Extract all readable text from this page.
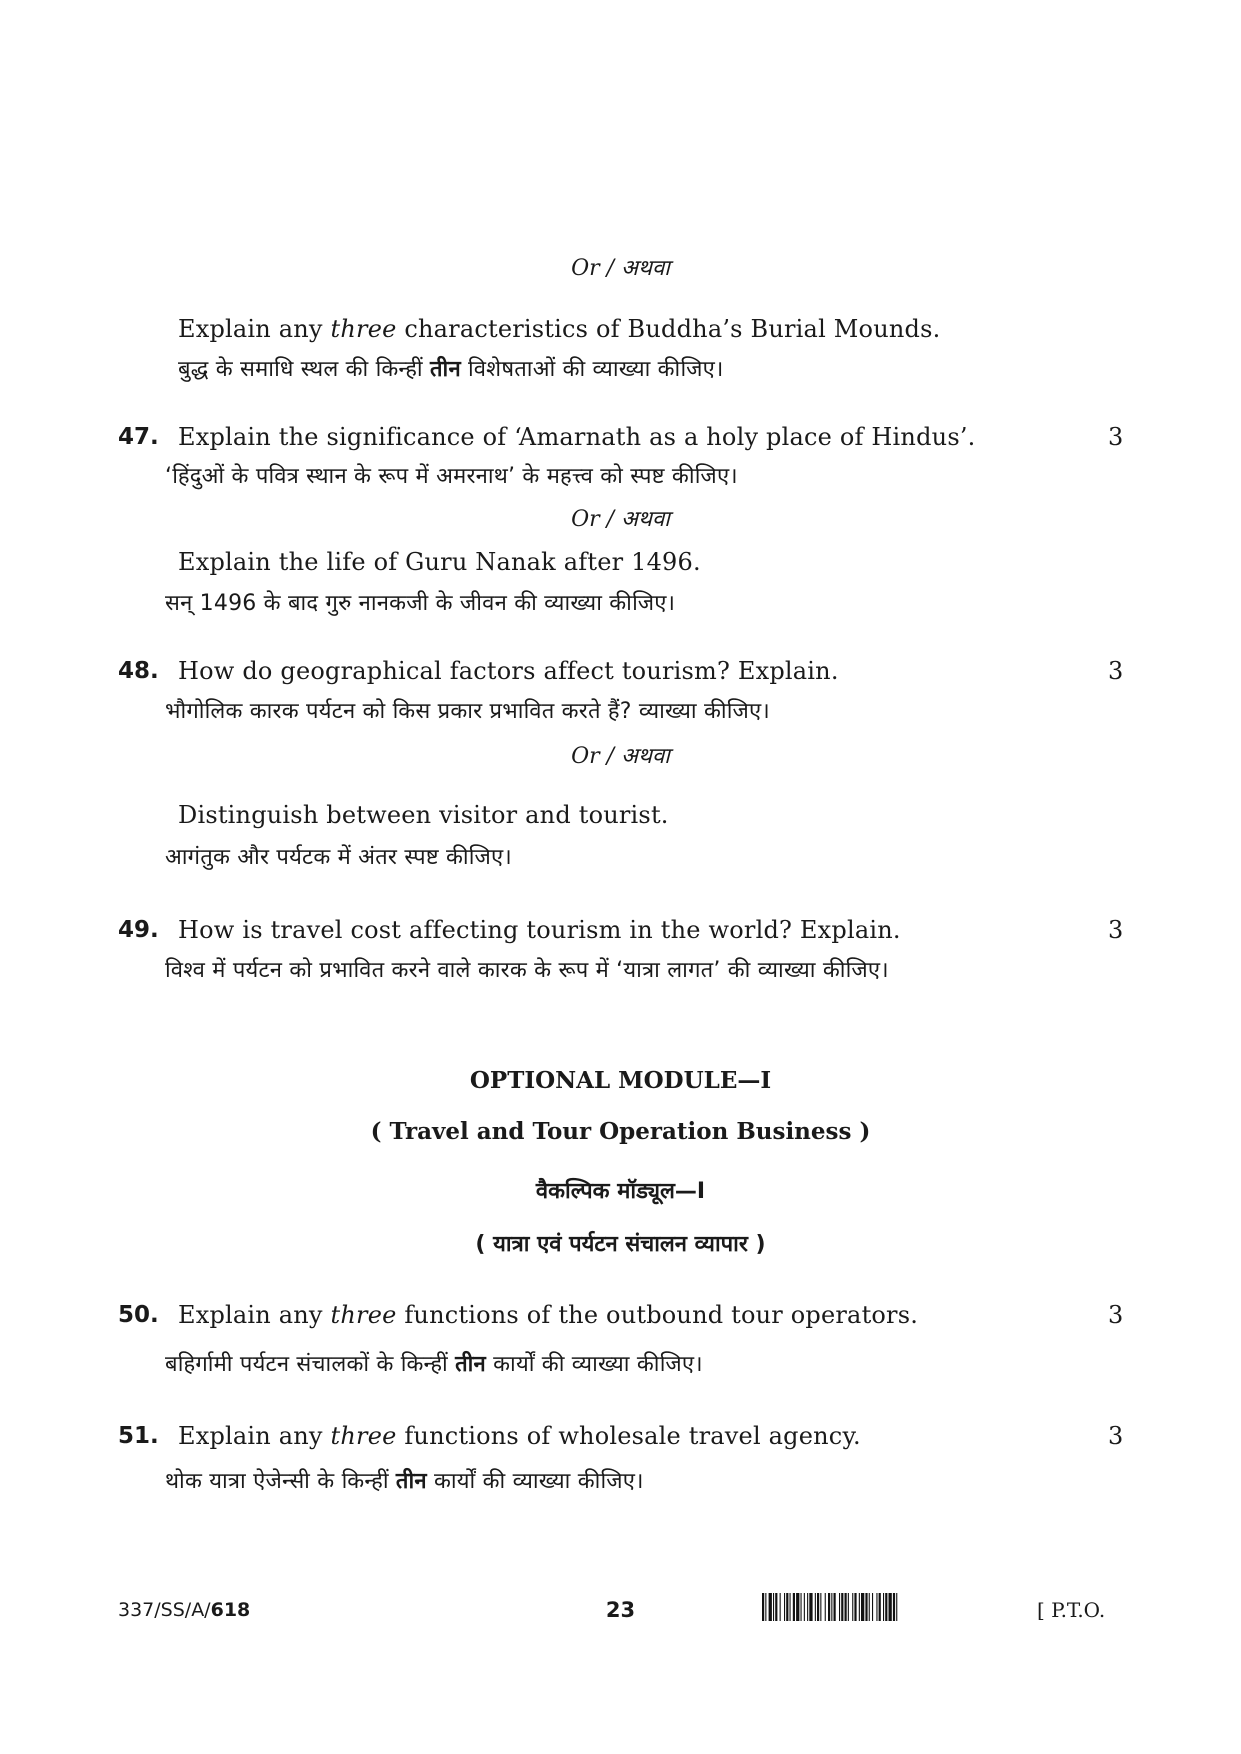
Or / अथवा
Explain any three characteristics of Buddha’s Burial Mounds.
बुद्ध के समाधि स्थल की किन्हीं तीन विशेषताओं की व्याख्या कीजिए।
47. Explain the significance of ‘Amarnath as a holy place of Hindus’.	3
‘हिंदुओं के पवित्र स्थान के रूप में अमरनाथ’ के महत्त्व को स्पष्ट कीजिए।
Or / अथवा
Explain the life of Guru Nanak after 1496.
सन् 1496 के बाद गुरु नानकजी के जीवन की व्याख्या कीजिए।
48. How do geographical factors affect tourism? Explain.	3
भौगोलिक कारक पर्यटन को किस प्रकार प्रभावित करते हैं? व्याख्या कीजिए।
Or / अथवा
Distinguish between visitor and tourist.
आगंतुक और पर्यटक में अंतर स्पष्ट कीजिए।
49. How is travel cost affecting tourism in the world? Explain.	3
विश्व में पर्यटन को प्रभावित करने वाले कारक के रूप में ‘यात्रा लागत’ की व्याख्या कीजिए।
OPTIONAL MODULE—I
( Travel and Tour Operation Business )
वैकल्पिक मॉड्यूल—I
( यात्रा एवं पर्यटन संचालन व्यापार )
50. Explain any three functions of the outbound tour operators.	3
बहिर्गामी पर्यटन संचालकों के किन्हीं तीन कार्यों की व्याख्या कीजिए।
51. Explain any three functions of wholesale travel agency.	3
थोक यात्रा ऐजेन्सी के किन्हीं तीन कार्यों की व्याख्या कीजिए।
337/SS/A/618	23	[ P.T.O.
